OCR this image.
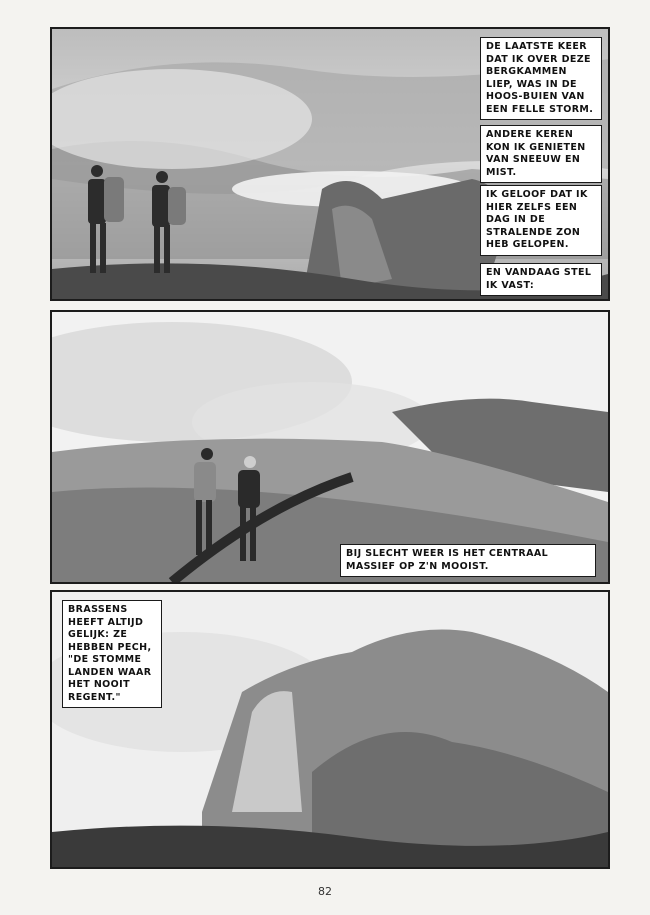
DE LAATSTE KEER DAT IK OVER DEZE BERGKAMMEN LIEP, WAS IN DE HOOS-BUIEN VAN EEN FELLE STORM.
ANDERE KEREN KON IK GENIETEN VAN SNEEUW EN MIST.
IK GELOOF DAT IK HIER ZELFS EEN DAG IN DE STRALENDE ZON HEB GELOPEN.
EN VANDAAG STEL IK VAST:
BIJ SLECHT WEER IS HET CENTRAAL MASSIEF OP Z'N MOOIST.
BRASSENS HEEFT ALTIJD GELIJK: ZE HEBBEN PECH, "DE STOMME LANDEN WAAR HET NOOIT REGENT."
82
